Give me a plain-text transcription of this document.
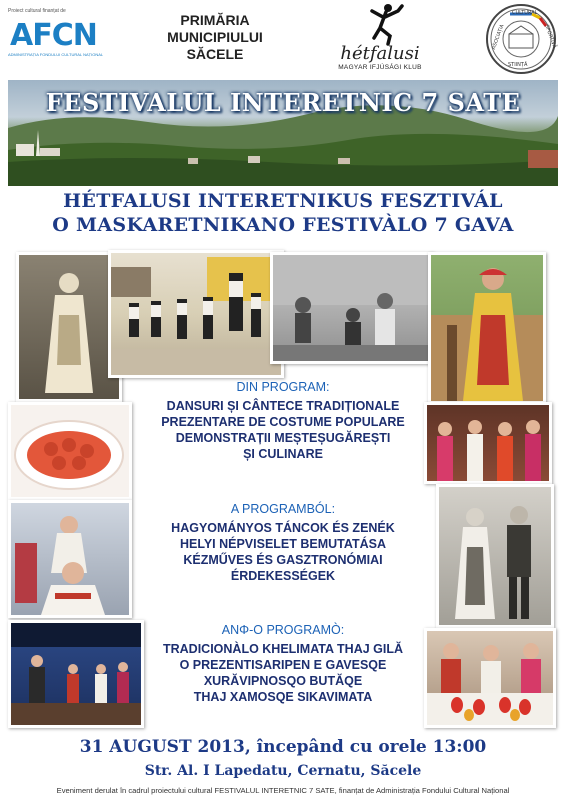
Proiect cultural finanțat de
AFCN
ADMINISTRAȚIA FONDULUI CULTURAL NAȚIONAL
PRIMĂRIA
MUNICIPIULUI
SĂCELE	hétfalusi
MAGYAR IFJÚSÁGI KLUB
ASOCIAȚIA
CULTURAL
SPORTIVĂ
ȘTIINȚĂ
FESTIVALUL INTERETNIC 7 SATE
HÉTFALUSI INTERETNIKUS FESZTIVÁL
O MASKARETNIKANO FESTIVÀLO 7 GAVA
DIN PROGRAM:
DANSURI ȘI CÂNTECE TRADIȚIONALE
PREZENTARE DE COSTUME POPULARE
DEMONSTRAȚII MEȘTEȘUGĂREȘTI
ȘI CULINARE
A PROGRAMBÓL:
HAGYOMÁNYOS TÁNCOK ÉS ZENÉK
HELYI NÉPVISELET BEMUTATÁSA
KÉZMŰVES ÉS GASZTRONÓMIAI
ÉRDEKESSÉGEK
ANΦ-O PROGRAMÒ:
TRADICIONÀLO KHELIMATA THAJ GILĂ
O PREZENTISARIPEN E GAVESQE
XURĂVIPNOSQO BUTĂQE
THAJ XAMOSQE SIKAVIMATA
31 AUGUST 2013, începând cu orele 13:00
Str. Al. I Lapedatu, Cernatu, Săcele
Eveniment derulat în cadrul proiectului cultural FESTIVALUL INTERETNIC 7 SATE, finanțat de Administrația Fondului Cultural Național
